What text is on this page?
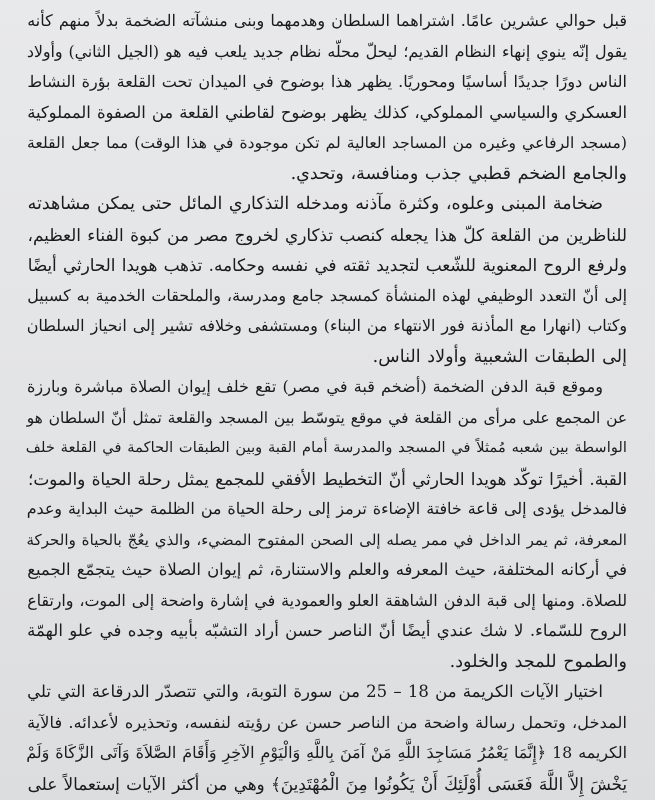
قبل حوالي عشرين عامًا. اشتراهما السلطان وهدمهما وبنى منشآته الضخمة بدلاً منهم كأنه
يقول إنّه ينوي إنهاء النظام القديم؛ ليحلّ محلّه نظام جديد يلعب فيه هو (الجيل الثاني) وأولاد
الناس دورًا جديدًا أساسيًا ومحوريًا. يظهر هذا بوضوح في الميدان تحت القلعة بؤرة النشاط
العسكري والسياسي المملوكي، كذلك يظهر بوضوح لقاطني القلعة من الصفوة المملوكية
(مسجد الرفاعي وغيره من المساجد العالية لم تكن موجودة في هذا الوقت) مما جعل القلعة
والجامع الضخم قطبي جذب ومنافسة، وتحدي.
ضخامة المبنى وعلوه، وكثرة مآذنه ومدخله التذكاري المائل حتى يمكن مشاهدته
للناظرين من القلعة كلّ هذا يجعله كنصب تذكاري لخروج مصر من كبوة الفناء العظيم،
ولرفع الروح المعنوية للشّعب لتجديد ثقته في نفسه وحكامه. تذهب هويدا الحارثي أيضًا
إلى أنّ التعدد الوظيفي لهذه المنشأة كمسجد جامع ومدرسة، والملحقات الخدمية به كسبيل
وكتاب (انهارا مع المأذنة فور الانتهاء من البناء) ومستشفى وخلافه تشير إلى انحياز السلطان
إلى الطبقات الشعبية وأولاد الناس.
وموقع قبة الدفن الضخمة (أضخم قبة في مصر) تقع خلف إيوان الصلاة مباشرة وبارزة
عن المجمع على مرأى من القلعة في موقع يتوسّط بين المسجد والقلعة تمثل أنّ السلطان هو
الواسطة بين شعبه مُمثلاً في المسجد والمدرسة أمام القبة وبين الطبقات الحاكمة في القلعة خلف
القبة. أخيرًا توكّد هويدا الحارثي أنّ التخطيط الأفقي للمجمع يمثل رحلة الحياة والموت؛
فالمدخل يؤدى إلى قاعة خافتة الإضاءة ترمز إلى رحلة الحياة من الظلمة حيث البداية وعدم
المعرفة، ثم يمر الداخل في ممر يصله إلى الصحن المفتوح المضيء، والذي يعُجّ بالحياة والحركة
في أركانه المختلفة، حيث المعرفه والعلم والاستنارة، ثم إيوان الصلاة حيث يتجمّع الجميع
للصلاة. ومنها إلى قبة الدفن الشاهقة العلو والعمودية في إشارة واضحة إلى الموت، وارتقاع
الروح للسّماء. لا شك عندي أيضًا أنّ الناصر حسن أراد التشبّه بأبيه وجده في علو الهمّة
والطموح للمجد والخلود.
اختيار الآيات الكريمة من 18 – 25 من سورة التوبة، والتي تتصدّر الدرقاعة التي تلي
المدخل، وتحمل رسالة واضحة من الناصر حسن عن رؤيته لنفسه، وتحذيره لأعدائه. فالآية
الكريمه 18 ﴿إِنَّمَا يَعْمُرُ مَسَاجِدَ اللَّهِ مَنْ آمَنَ بِاللَّهِ وَالْيَوْمِ الآخِرِ وَأَقَامَ الصَّلاَةَ وَآتَى الزَّكَاةَ وَلَمْ
يَخْشَ إِلاَّ اللَّهَ فَعَسَى أُوْلَئِكَ أَنْ يَكُونُوا مِنَ الْمُهْتَدِينَ﴾ وهي من أكثر الآيات إستعمالاً على
